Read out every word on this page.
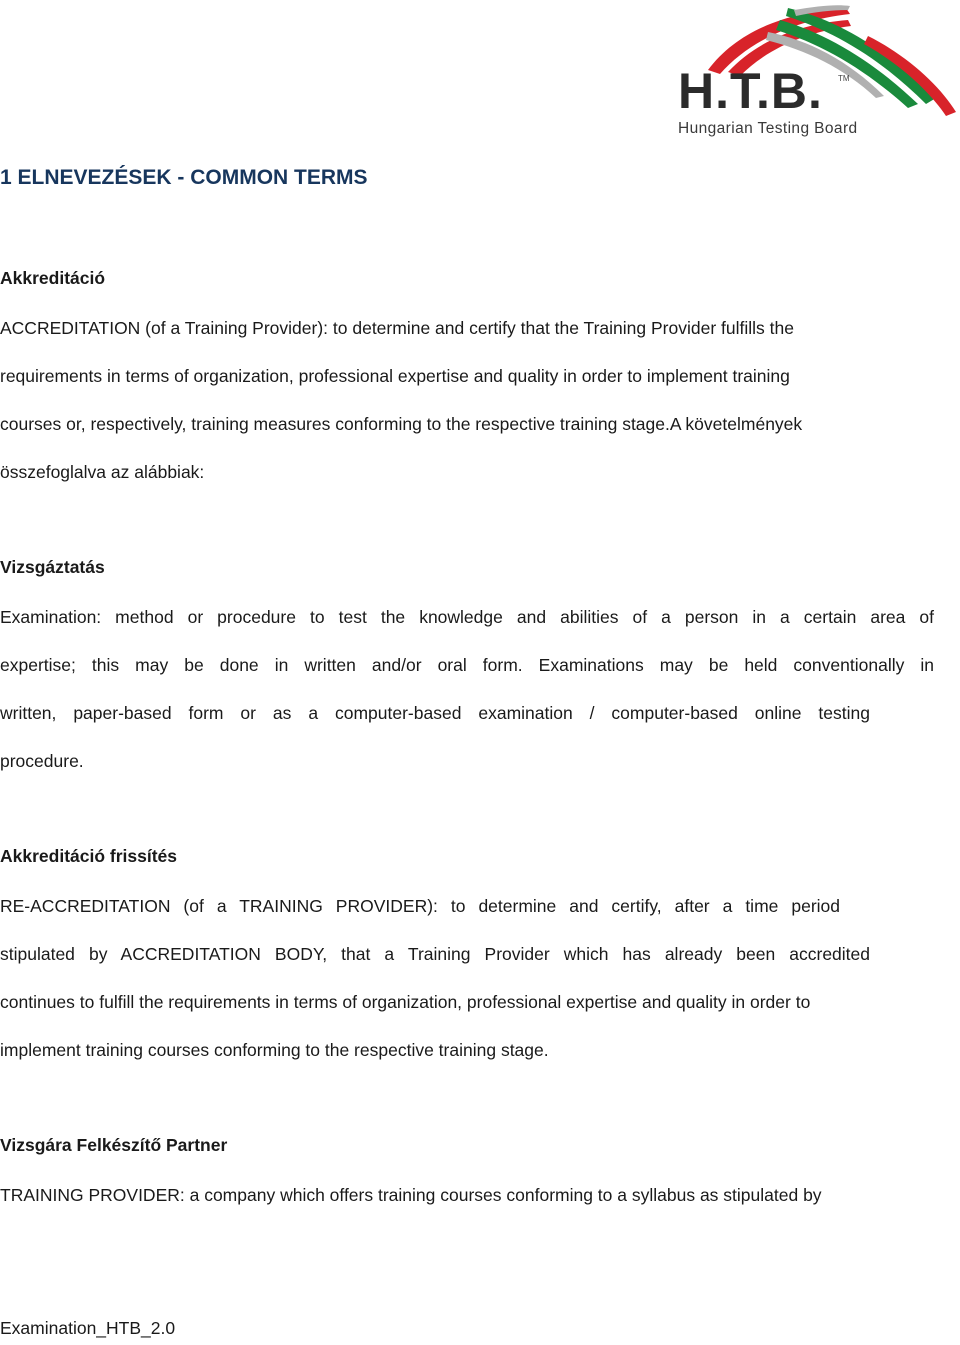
H.T.B. TM
Hungarian Testing Board
1 ELNEVEZÉSEK - COMMON TERMS
Akkreditáció
ACCREDITATION (of a Training Provider): to determine and certify that the Training Provider fulfills the
requirements in terms of organization, professional expertise and quality in order to implement training
courses or, respectively, training measures conforming to the respective training stage.A követelmények
összefoglalva az alábbiak:
Vizsgáztatás
Examination: method or procedure to test the knowledge and abilities of a person in a certain area of
expertise; this may be done in written and/or oral form. Examinations may be held conventionally in
written, paper-based form or as a computer-based examination / computer-based online testing
procedure.
Akkreditáció frissítés
RE-ACCREDITATION (of a TRAINING PROVIDER): to determine and certify, after a time period
stipulated by ACCREDITATION BODY, that a Training Provider which has already been accredited
continues to fulfill the requirements in terms of organization, professional expertise and quality in order to
implement training courses conforming to the respective training stage.
Vizsgára Felkészítő Partner
TRAINING PROVIDER: a company which offers training courses conforming to a syllabus as stipulated by
Examination_HTB_2.0
